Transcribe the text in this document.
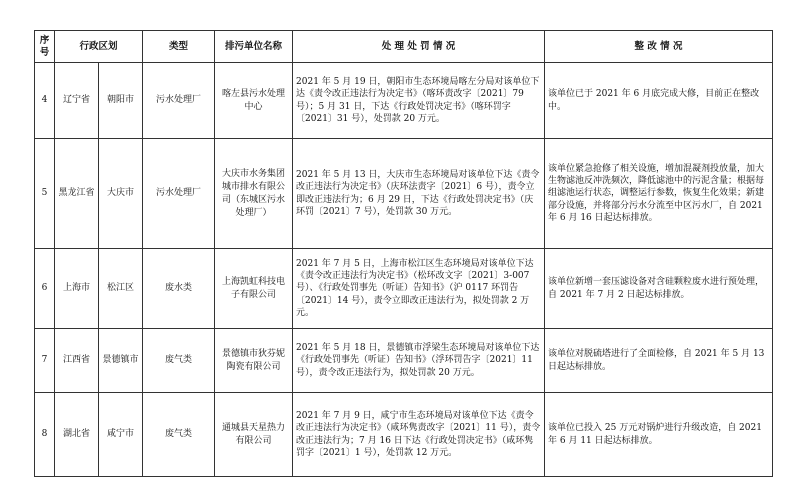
序号	行政区划		类型	排污单位名称	处 理 处 罚 情 况	整 改 情 况
4	辽宁省	朝阳市	污水处理厂	喀左县污水处理中心	2021 年 5 月 19 日，朝阳市生态环境局喀左分局对该单位下达《责令改正违法行为决定书》（喀环责改字〔2021〕79 号）；5 月 31 日，下达《行政处罚决定书》（喀环罚字〔2021〕31 号），处罚款 20 万元。	该单位已于 2021 年 6 月底完成大修，目前正在整改中。
5	黑龙江省	大庆市	污水处理厂	大庆市水务集团城市排水有限公司（东城区污水处理厂）	2021 年 5 月 13 日，大庆市生态环境局对该单位下达《责令改正违法行为决定书》（庆环法责字〔2021〕6 号），责令立即改正违法行为；6 月 29 日，下达《行政处罚决定书》（庆环罚〔2021〕7 号），处罚款 30 万元。	该单位紧急抢修了相关设施，增加混凝剂投放量，加大生物滤池反冲洗频次，降低滤池中的污泥含量；根据每组滤池运行状态，调整运行参数，恢复生化效果；新建部分设施，并将部分污水分流至中区污水厂，自 2021 年 6 月 16 日起达标排放。
6	上海市	松江区	废水类	上海凯虹科技电子有限公司	2021 年 7 月 5 日，上海市松江区生态环境局对该单位下达《责令改正违法行为决定书》（松环改文字〔2021〕3-007 号）、《行政处罚事先（听证）告知书》（沪 0117 环罚告〔2021〕14 号），责令立即改正违法行为，拟处罚款 2 万元。	该单位新增一套压滤设备对含硅颗粒废水进行预处理，自 2021 年 7 月 2 日起达标排放。
7	江西省	景德镇市	废气类	景德镇市狄芬妮陶瓷有限公司	2021 年 5 月 18 日，景德镇市浮梁生态环境局对该单位下达《行政处罚事先（听证）告知书》（浮环罚告字〔2021〕11 号），责令改正违法行为，拟处罚款 20 万元。	该单位对脱硫塔进行了全面检修，自 2021 年 5 月 13 日起达标排放。
8	湖北省	咸宁市	废气类	通城县天星热力有限公司	2021 年 7 月 9 日，咸宁市生态环境局对该单位下达《责令改正违法行为决定书》（咸环隽责改字〔2021〕11 号），责令改正违法行为；7 月 16 日下达《行政处罚决定书》（咸环隽罚字〔2021〕1 号），处罚款 12 万元。	该单位已投入 25 万元对锅炉进行升级改造，自 2021 年 6 月 11 日起达标排放。
